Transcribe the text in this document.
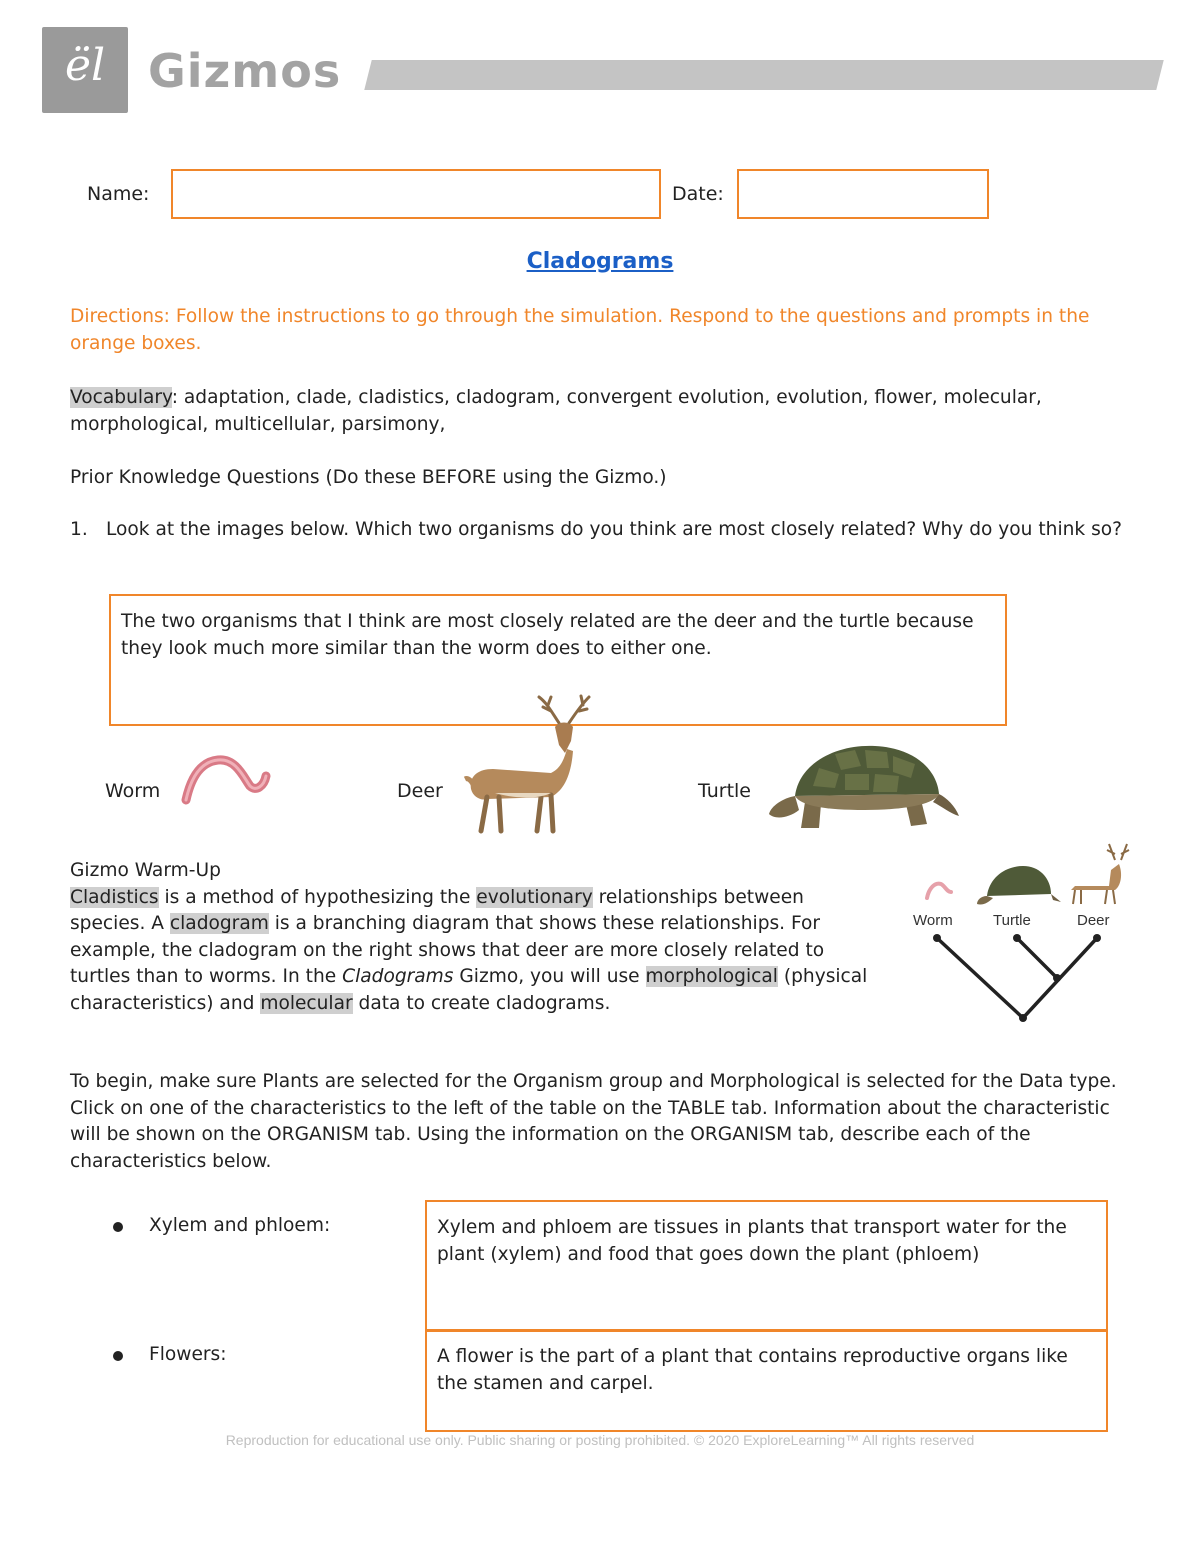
ël Gizmos
Name:	Date:
Cladograms
Directions: Follow the instructions to go through the simulation. Respond to the questions and prompts in the orange boxes.
Vocabulary: adaptation, clade, cladistics, cladogram, convergent evolution, evolution, flower, molecular, morphological, multicellular, parsimony,
Prior Knowledge Questions (Do these BEFORE using the Gizmo.)
1. Look at the images below. Which two organisms do you think are most closely related? Why do you think so?
The two organisms that I think are most closely related are the deer and the turtle because they look much more similar than the worm does to either one.
Worm	Deer	Turtle
Gizmo Warm-Up
Cladistics is a method of hypothesizing the evolutionary relationships between species. A cladogram is a branching diagram that shows these relationships. For example, the cladogram on the right shows that deer are more closely related to turtles than to worms. In the Cladograms Gizmo, you will use morphological (physical characteristics) and molecular data to create cladograms.
Worm	Turtle	Deer
To begin, make sure Plants are selected for the Organism group and Morphological is selected for the Data type. Click on one of the characteristics to the left of the table on the TABLE tab. Information about the characteristic will be shown on the ORGANISM tab. Using the information on the ORGANISM tab, describe each of the characteristics below.
Xylem and phloem:	Xylem and phloem are tissues in plants that transport water for the plant (xylem) and food that goes down the plant (phloem)
Flowers:	A flower is the part of a plant that contains reproductive organs like the stamen and carpel.
Reproduction for educational use only. Public sharing or posting prohibited. © 2020 ExploreLearning™ All rights reserved
